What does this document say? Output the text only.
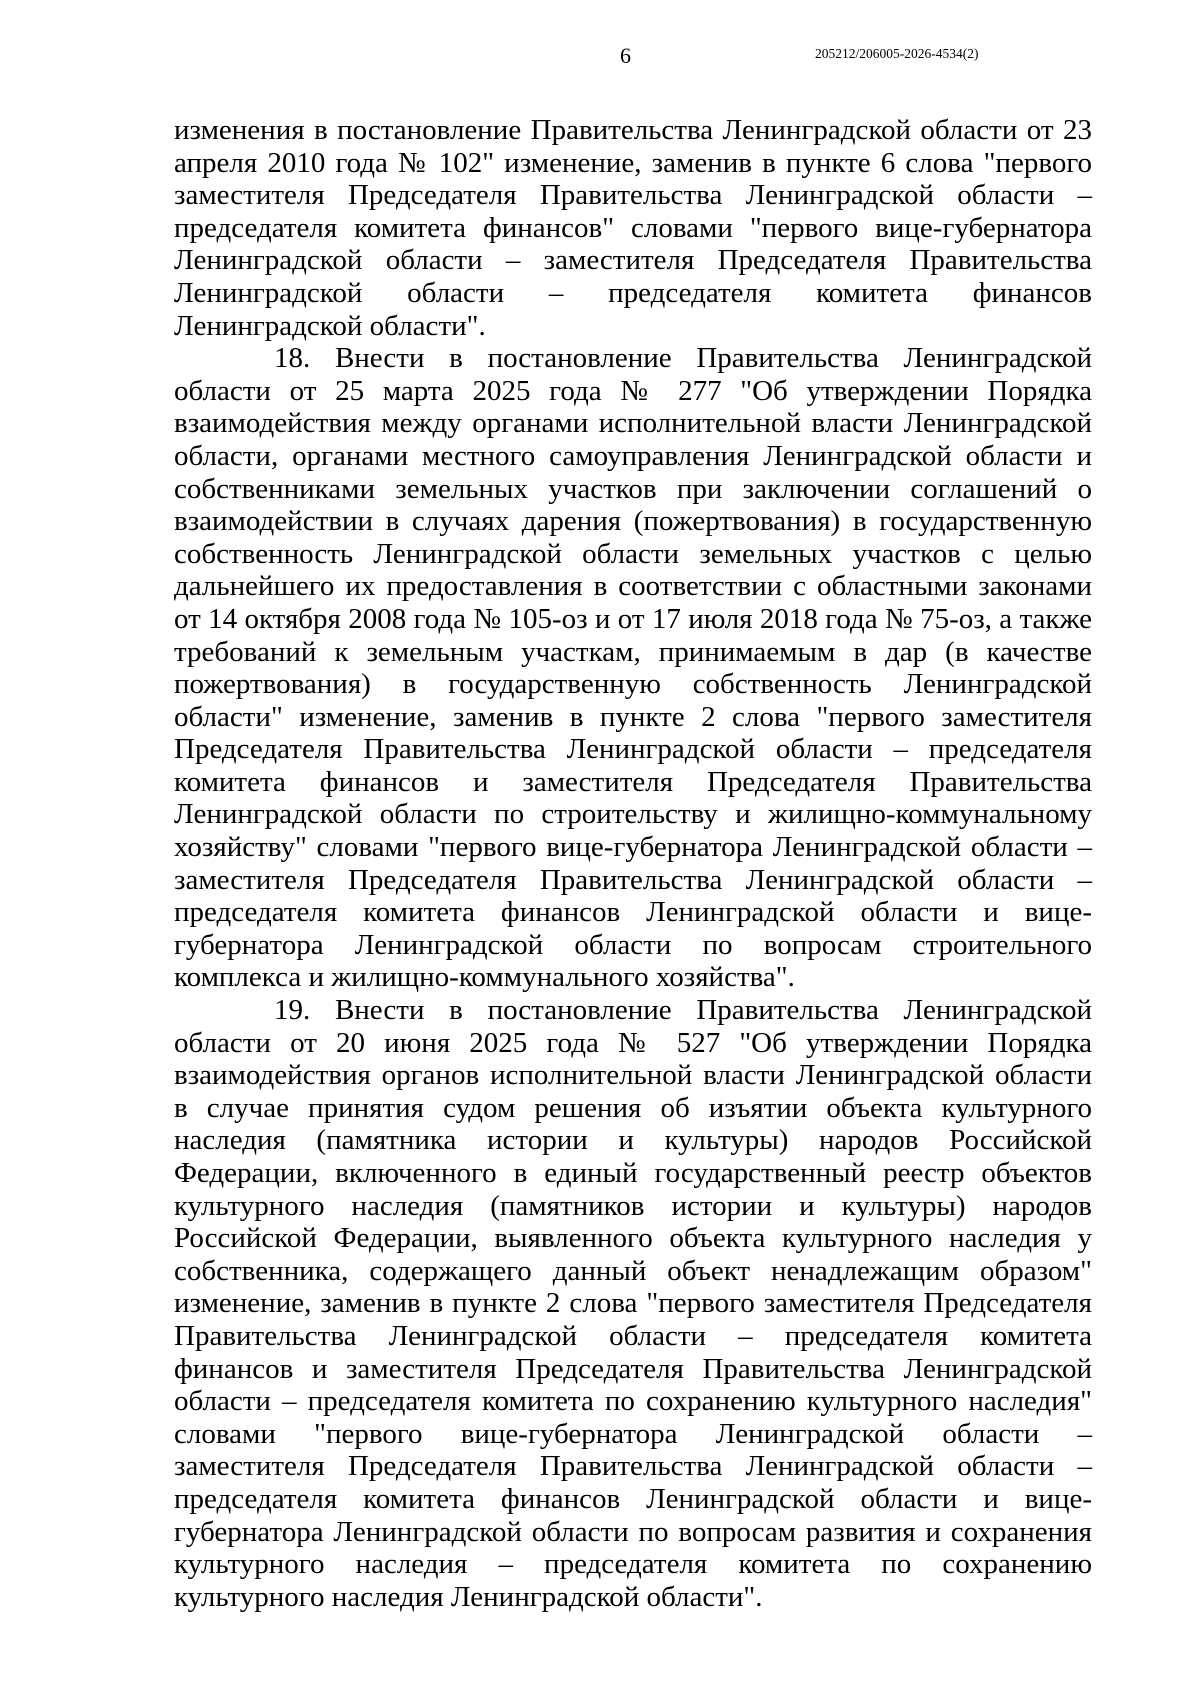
6	205212/206005-2026-4534(2)

изменения в постановление Правительства Ленинградской области от 23 апреля 2010 года № 102" изменение, заменив в пункте 6 слова "первого заместителя Председателя Правительства Ленинградской области – председателя комитета финансов" словами "первого вице-губернатора Ленинградской области – заместителя Председателя Правительства Ленинградской области – председателя комитета финансов Ленинградской области".

18. Внести в постановление Правительства Ленинградской области от 25 марта 2025 года № 277 "Об утверждении Порядка взаимодействия между органами исполнительной власти Ленинградской области, органами местного самоуправления Ленинградской области и собственниками земельных участков при заключении соглашений о взаимодействии в случаях дарения (пожертвования) в государственную собственность Ленинградской области земельных участков с целью дальнейшего их предоставления в соответствии с областными законами от 14 октября 2008 года № 105-оз и от 17 июля 2018 года № 75-оз, а также требований к земельным участкам, принимаемым в дар (в качестве пожертвования) в государственную собственность Ленинградской области" изменение, заменив в пункте 2 слова "первого заместителя Председателя Правительства Ленинградской области – председателя комитета финансов и заместителя Председателя Правительства Ленинградской области по строительству и жилищно-коммунальному хозяйству" словами "первого вице-губернатора Ленинградской области – заместителя Председателя Правительства Ленинградской области – председателя комитета финансов Ленинградской области и вице-губернатора Ленинградской области по вопросам строительного комплекса и жилищно-коммунального хозяйства".

19. Внести в постановление Правительства Ленинградской области от 20 июня 2025 года № 527 "Об утверждении Порядка взаимодействия органов исполнительной власти Ленинградской области в случае принятия судом решения об изъятии объекта культурного наследия (памятника истории и культуры) народов Российской Федерации, включенного в единый государственный реестр объектов культурного наследия (памятников истории и культуры) народов Российской Федерации, выявленного объекта культурного наследия у собственника, содержащего данный объект ненадлежащим образом" изменение, заменив в пункте 2 слова "первого заместителя Председателя Правительства Ленинградской области – председателя комитета финансов и заместителя Председателя Правительства Ленинградской области – председателя комитета по сохранению культурного наследия" словами "первого вице-губернатора Ленинградской области – заместителя Председателя Правительства Ленинградской области – председателя комитета финансов Ленинградской области и вице-губернатора Ленинградской области по вопросам развития и сохранения культурного наследия – председателя комитета по сохранению культурного наследия Ленинградской области".
